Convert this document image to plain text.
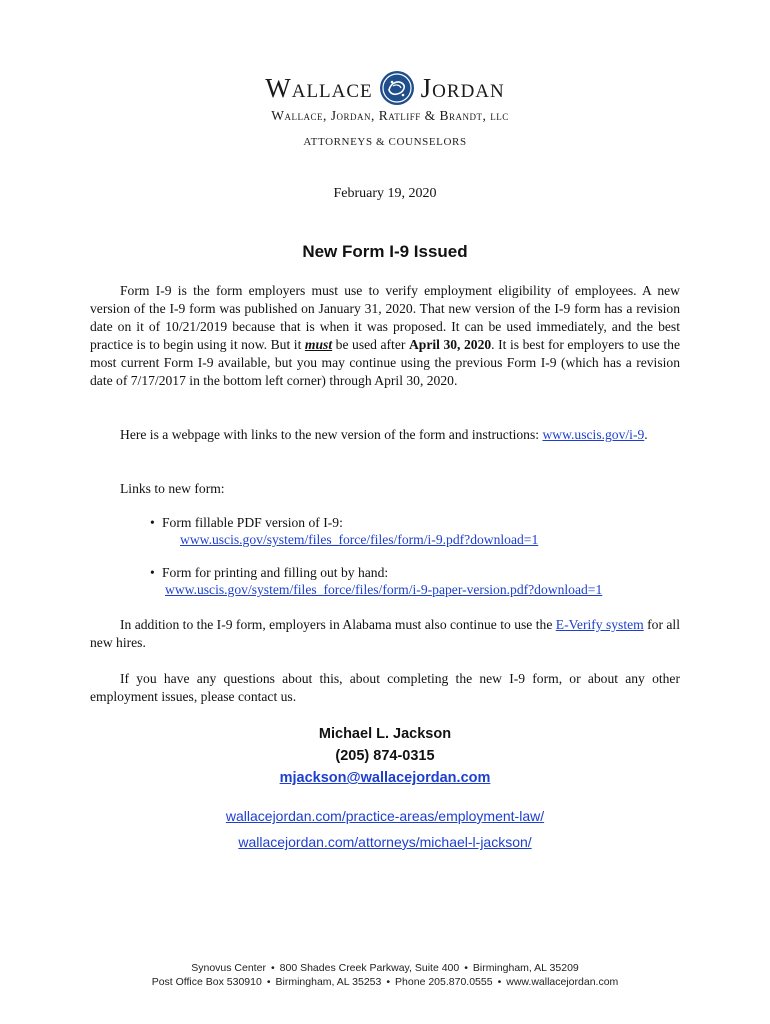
Wallace Jordan
Wallace, Jordan, Ratliff & Brandt, llc
ATTORNEYS & COUNSELORS
February 19, 2020
New Form I-9 Issued
Form I-9 is the form employers must use to verify employment eligibility of employees. A new version of the I-9 form was published on January 31, 2020. That new version of the I-9 form has a revision date on it of 10/21/2019 because that is when it was proposed. It can be used immediately, and the best practice is to begin using it now. But it must be used after April 30, 2020. It is best for employers to use the most current Form I-9 available, but you may continue using the previous Form I-9 (which has a revision date of 7/17/2017 in the bottom left corner) through April 30, 2020.
Here is a webpage with links to the new version of the form and instructions: www.uscis.gov/i-9.
Links to new form:
• Form fillable PDF version of I-9:
www.uscis.gov/system/files_force/files/form/i-9.pdf?download=1
• Form for printing and filling out by hand:
www.uscis.gov/system/files_force/files/form/i-9-paper-version.pdf?download=1
In addition to the I-9 form, employers in Alabama must also continue to use the E-Verify system for all new hires.
If you have any questions about this, about completing the new I-9 form, or about any other employment issues, please contact us.
Michael L. Jackson
(205) 874-0315
mjackson@wallacejordan.com
wallacejordan.com/practice-areas/employment-law/
wallacejordan.com/attorneys/michael-l-jackson/
Synovus Center • 800 Shades Creek Parkway, Suite 400 • Birmingham, AL 35209
Post Office Box 530910 • Birmingham, AL 35253 • Phone 205.870.0555 • www.wallacejordan.com
